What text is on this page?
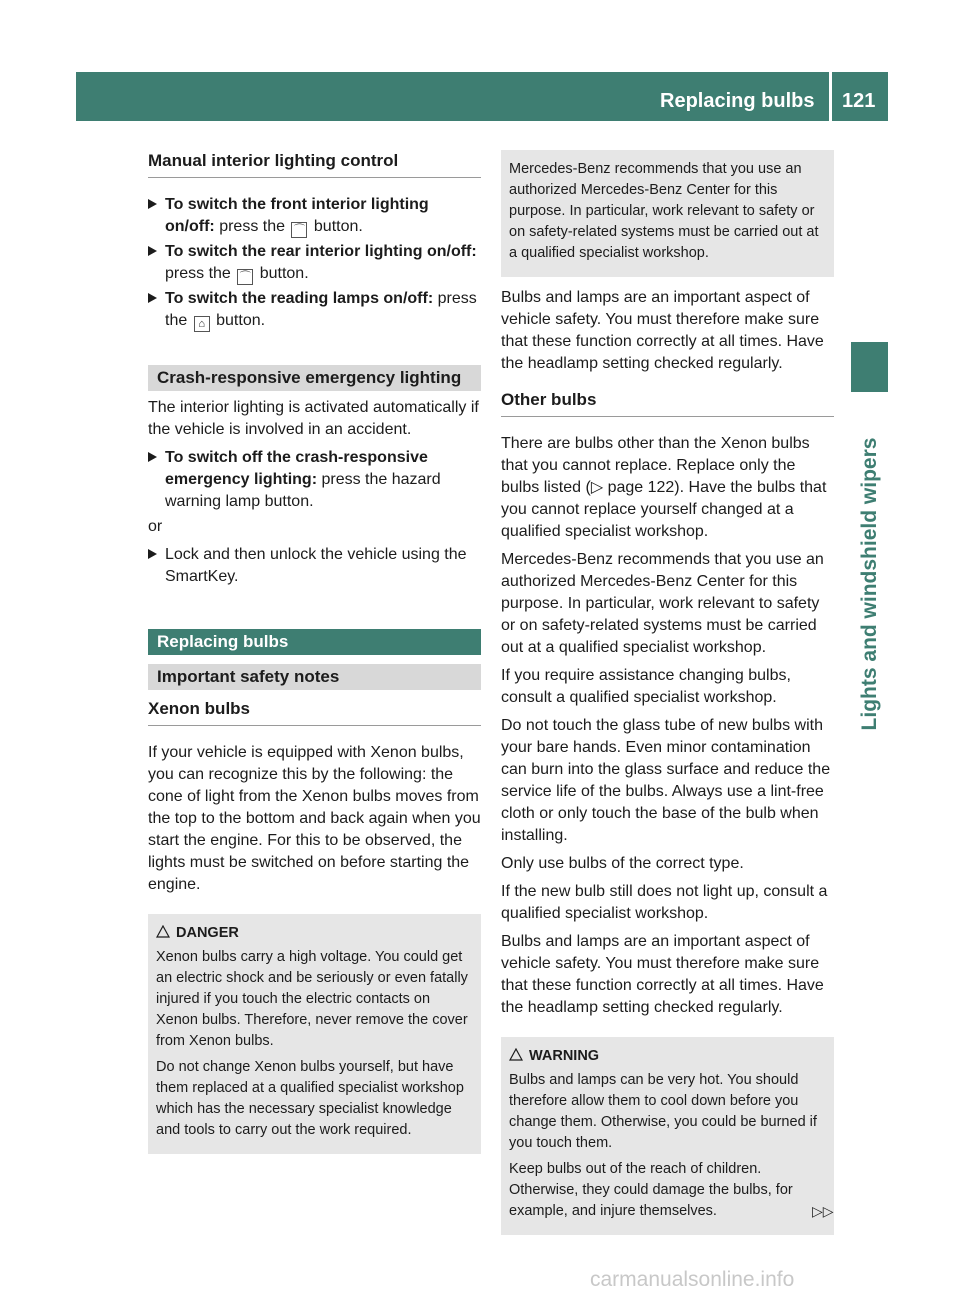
Replacing bulbs 121
Lights and windshield wipers
Manual interior lighting control
To switch the front interior lighting on/off: press the ⌒ button.
To switch the rear interior lighting on/off: press the ⌒ button.
To switch the reading lamps on/off: press the ⌂ button.
Crash-responsive emergency lighting

The interior lighting is activated automatically if the vehicle is involved in an accident.

To switch off the crash-responsive emergency lighting: press the hazard warning lamp button.

or

Lock and then unlock the vehicle using the SmartKey.
Replacing bulbs
Important safety notes
Xenon bulbs

If your vehicle is equipped with Xenon bulbs, you can recognize this by the following: the cone of light from the Xenon bulbs moves from the top to the bottom and back again when you start the engine. For this to be observed, the lights must be switched on before starting the engine.

DANGER

Xenon bulbs carry a high voltage. You could get an electric shock and be seriously or even fatally injured if you touch the electric contacts on Xenon bulbs. Therefore, never remove the cover from Xenon bulbs.

Do not change Xenon bulbs yourself, but have them replaced at a qualified specialist workshop which has the necessary specialist knowledge and tools to carry out the work required.

Mercedes-Benz recommends that you use an authorized Mercedes-Benz Center for this purpose. In particular, work relevant to safety or on safety-related systems must be carried out at a qualified specialist workshop.

Bulbs and lamps are an important aspect of vehicle safety. You must therefore make sure that these function correctly at all times. Have the headlamp setting checked regularly.

Other bulbs

There are bulbs other than the Xenon bulbs that you cannot replace. Replace only the bulbs listed (▷ page 122). Have the bulbs that you cannot replace yourself changed at a qualified specialist workshop.

Mercedes-Benz recommends that you use an authorized Mercedes-Benz Center for this purpose. In particular, work relevant to safety or on safety-related systems must be carried out at a qualified specialist workshop.

If you require assistance changing bulbs, consult a qualified specialist workshop.

Do not touch the glass tube of new bulbs with your bare hands. Even minor contamination can burn into the glass surface and reduce the service life of the bulbs. Always use a lint-free cloth or only touch the base of the bulb when installing.

Only use bulbs of the correct type.

If the new bulb still does not light up, consult a qualified specialist workshop.

Bulbs and lamps are an important aspect of vehicle safety. You must therefore make sure that these function correctly at all times. Have the headlamp setting checked regularly.

WARNING

Bulbs and lamps can be very hot. You should therefore allow them to cool down before you change them. Otherwise, you could be burned if you touch them.

Keep bulbs out of the reach of children. Otherwise, they could damage the bulbs, for example, and injure themselves.	▷▷
carmanualsonline.info
